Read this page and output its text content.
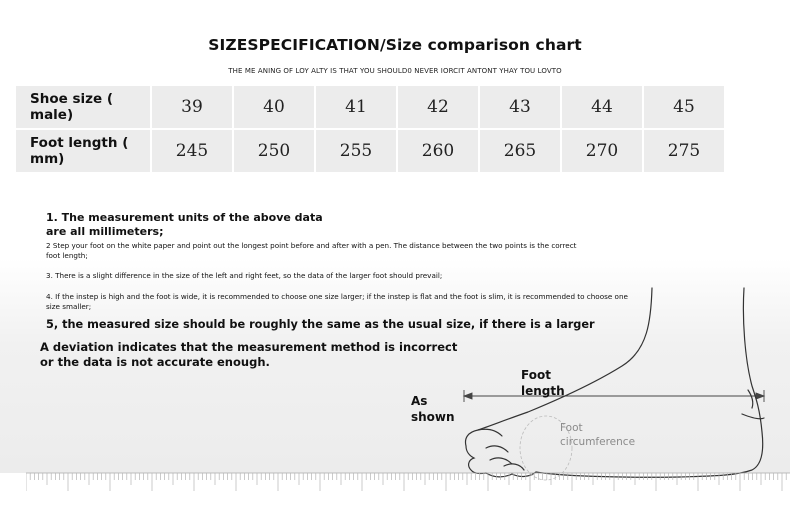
SIZESPECIFICATION/Size comparison chart
THE ME ANING OF LOY ALTY IS THAT YOU SHOULD0 NEVER IORCIT ANTONT YHAY TOU LOVTO
Shoe size ( male)	39	40	41	42	43	44	45
Foot length ( mm)	245	250	255	260	265	270	275
1. The measurement units of the above data are all millimeters;
2 Step your foot on the white paper and point out the longest point before and after with a pen. The distance between the two points is the correct foot length;
3. There is a slight difference in the size of the left and right feet, so the data of the larger foot should prevail;
4. If the instep is high and the foot is wide, it is recommended to choose one size larger; if the instep is flat and the foot is slim, it is recommended to choose one size smaller;
5, the measured size should be roughly the same as the usual size, if there is a larger
A deviation indicates that the measurement method is incorrect or the data is not accurate enough.
As shown
Foot length
Foot circumference
